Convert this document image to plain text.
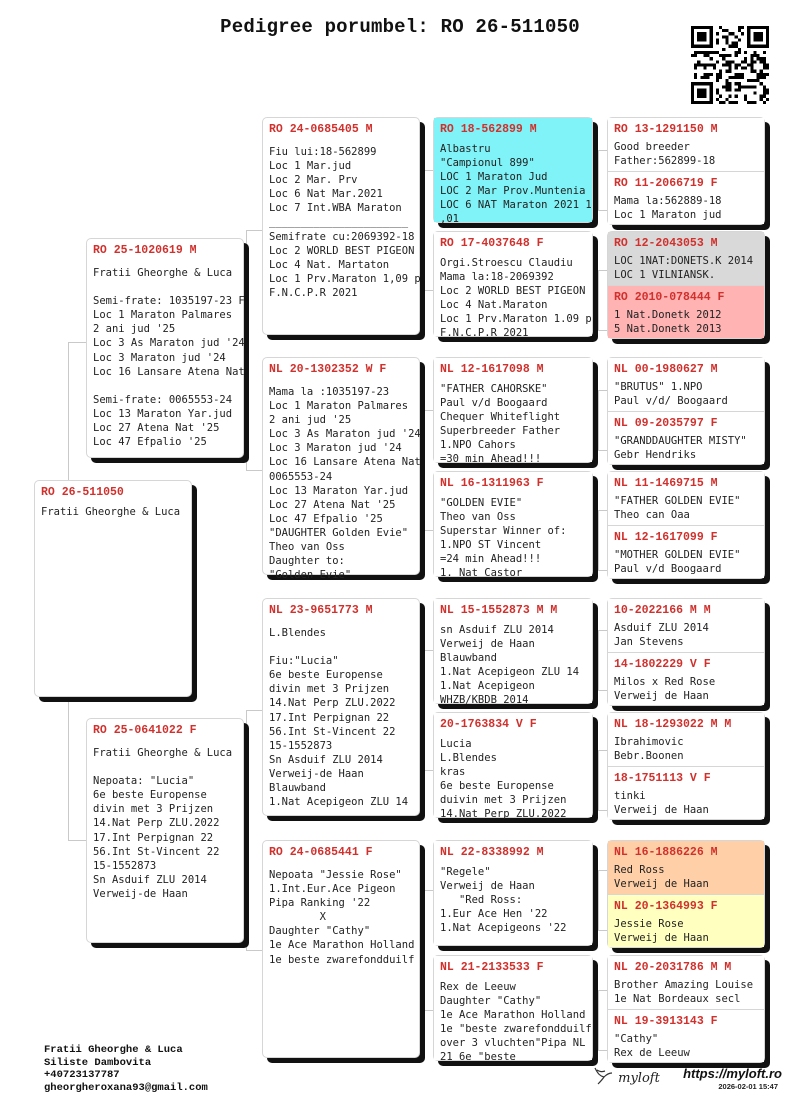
Pedigree porumbel: RO 26-511050
RO 26-511050
Fratii Gheorghe & Luca
RO 25-1020619 M
Fratii Gheorghe & Luca

Semi-frate: 1035197-23 F
Loc 1 Maraton Palmares
2 ani jud '25
Loc 3 As Maraton jud '24
Loc 3 Maraton jud '24
Loc 16 Lansare Atena Nat

Semi-frate: 0065553-24
Loc 13 Maraton Yar.jud
Loc 27 Atena Nat '25
Loc 47 Efpalio '25
RO 25-0641022 F
Fratii Gheorghe & Luca

Nepoata: "Lucia"
6e beste Europense
divin met 3 Prijzen
14.Nat Perp ZLU.2022
17.Int Perpignan 22
56.Int St-Vincent 22
15-1552873
Sn Asduif ZLU 2014
Verweij-de Haan
RO 24-0685405 M
Fiu lui:18-562899
Loc 1 Mar.jud
Loc 2 Mar. Prv
Loc 6 Nat Mar.2021
Loc 7 Int.WBA Maraton
______________________
Semifrate cu:2069392-18
Loc 2 WORLD BEST PIGEON
Loc 4 Nat. Martaton
Loc 1 Prv.Maraton 1,09 p
F.N.C.P.R 2021
NL 20-1302352 W F
Mama la :1035197-23
Loc 1 Maraton Palmares
2 ani jud '25
Loc 3 As Maraton jud '24
Loc 3 Maraton jud '24
Loc 16 Lansare Atena Nat
0065553-24
Loc 13 Maraton Yar.jud
Loc 27 Atena Nat '25
Loc 47 Efpalio '25
"DAUGHTER Golden Evie"
Theo van Oss
Daughter to:
"Golden Evie"
NL 23-9651773 M
L.Blendes

Fiu:"Lucia"
6e beste Europense
divin met 3 Prijzen
14.Nat Perp ZLU.2022
17.Int Perpignan 22
56.Int St-Vincent 22
15-1552873
Sn Asduif ZLU 2014
Verweij-de Haan
Blauwband
1.Nat Acepigeon ZLU 14
RO 24-0685441 F
Nepoata "Jessie Rose"
1.Int.Eur.Ace Pigeon
Pipa Ranking '22
X
Daughter "Cathy"
1e Ace Marathon Holland
1e beste zwarefondduilf
RO 18-562899 M
Albastru
"Campionul 899"
LOC 1 Maraton Jud
LOC 2 Mar Prov.Muntenia
LOC 6 NAT Maraton 2021 1
,01
RO 17-4037648 F
Orgi.Stroescu Claudiu
Mama la:18-2069392
Loc 2 WORLD BEST PIGEON
Loc 4 Nat.Maraton
Loc 1 Prv.Maraton 1.09 p
F.N.C.P.R 2021
NL 12-1617098 M
"FATHER CAHORSKE"
Paul v/d Boogaard
Chequer Whiteflight
Superbreeder Father
1.NPO Cahors
=30 min Ahead!!!
NL 16-1311963 F
"GOLDEN EVIE"
Theo van Oss
Superstar Winner of:
1.NPO ST Vincent
=24 min Ahead!!!
1. Nat Castor
NL 15-1552873 M M
sn Asduif ZLU 2014
Verweij de Haan
Blauwband
1.Nat Acepigeon ZLU 14
1.Nat Acepigeon
WHZB/KBDB 2014
20-1763834 V F
Lucia
L.Blendes
kras
6e beste Europense
duivin met 3 Prijzen
14.Nat Perp ZLU.2022
NL 22-8338992 M
"Regele"
Verweij de Haan
"Red Ross:
1.Eur Ace Hen '22
1.Nat Acepigeons '22
NL 21-2133533 F
Rex de Leeuw
Daughter "Cathy"
1e Ace Marathon Holland
1e "beste zwarefondduilf
over 3 vluchten"Pipa NL
21 6e "beste
RO 13-1291150 M
Good breeder
Father:562899-18
RO 11-2066719 F
Mama la:562889-18
Loc 1 Maraton jud
RO 12-2043053 M
LOC 1NAT:DONETS.K 2014
LOC 1 VILNIANSK.
RO 2010-078444 F
1 Nat.Donetk 2012
5 Nat.Donetk 2013
NL 00-1980627 M
"BRUTUS" 1.NPO
Paul v/d/ Boogaard
NL 09-2035797 F
"GRANDDAUGHTER MISTY"
Gebr Hendriks
NL 11-1469715 M
"FATHER GOLDEN EVIE"
Theo can Oaa
NL 12-1617099 F
"MOTHER GOLDEN EVIE"
Paul v/d Boogaard
10-2022166 M M
Asduif ZLU 2014
Jan Stevens
14-1802229 V F
Milos x Red Rose
Verweij de Haan
NL 18-1293022 M M
Ibrahimovic
Bebr.Boonen
18-1751113 V F
tinki
Verweij de Haan
NL 16-1886226 M
Red Ross
Verweij de Haan
NL 20-1364993 F
Jessie Rose
Verweij de Haan
NL 20-2031786 M M
Brother Amazing Louise
1e Nat Bordeaux secl
NL 19-3913143 F
"Cathy"
Rex de Leeuw
Fratii Gheorghe & Luca
Siliste Dambovita
+40723137787
gheorgheroxana93@gmail.com
myloft https://myloft.ro
2026-02-01 15:47
